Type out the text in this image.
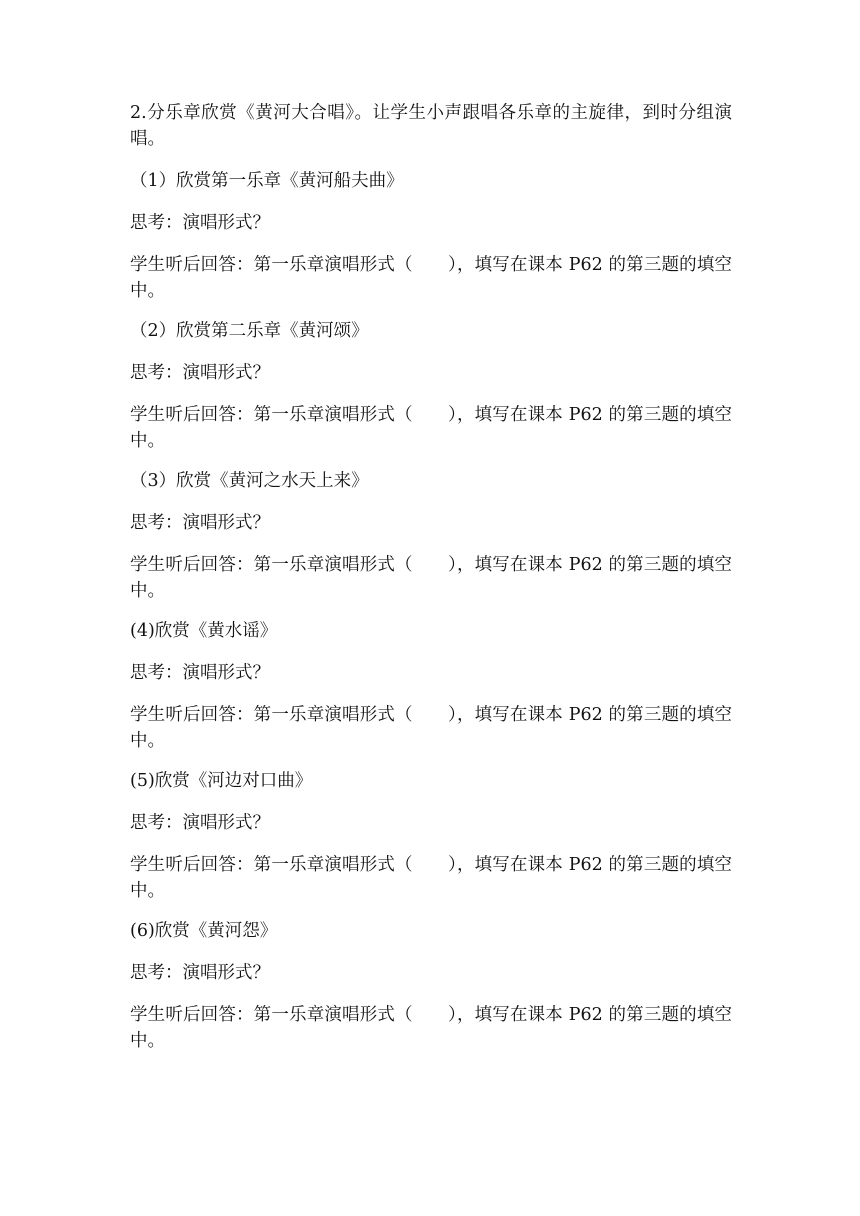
2.分乐章欣赏《黄河大合唱》。让学生小声跟唱各乐章的主旋律，到时分组演唱。

（1）欣赏第一乐章《黄河船夫曲》

思考：演唱形式？

学生听后回答：第一乐章演唱形式（　　），填写在课本 P62 的第三题的填空中。

（2）欣赏第二乐章《黄河颂》

思考：演唱形式？

学生听后回答：第一乐章演唱形式（　　），填写在课本 P62 的第三题的填空中。

（3）欣赏《黄河之水天上来》

思考：演唱形式？

学生听后回答：第一乐章演唱形式（　　），填写在课本 P62 的第三题的填空中。

(4)欣赏《黄水谣》

思考：演唱形式？

学生听后回答：第一乐章演唱形式（　　），填写在课本 P62 的第三题的填空中。

(5)欣赏《河边对口曲》

思考：演唱形式？

学生听后回答：第一乐章演唱形式（　　），填写在课本 P62 的第三题的填空中。

(6)欣赏《黄河怨》

思考：演唱形式？

学生听后回答：第一乐章演唱形式（　　），填写在课本 P62 的第三题的填空中。
